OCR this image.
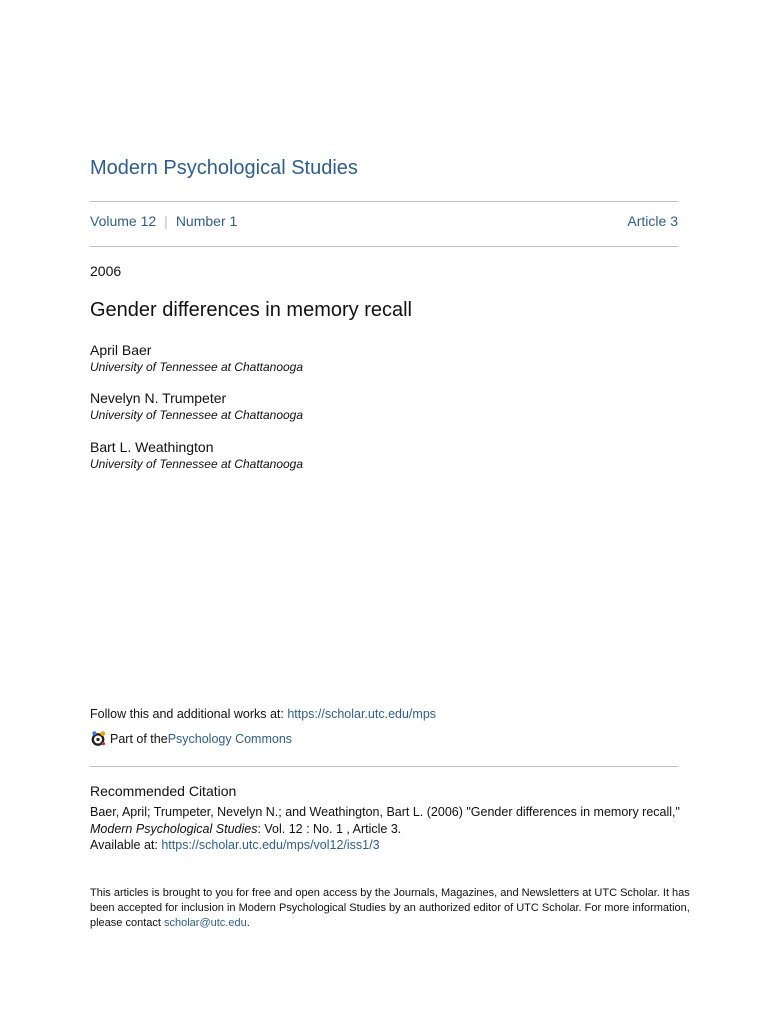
Modern Psychological Studies
Volume 12 | Number 1	Article 3
2006
Gender differences in memory recall
April Baer
University of Tennessee at Chattanooga
Nevelyn N. Trumpeter
University of Tennessee at Chattanooga
Bart L. Weathington
University of Tennessee at Chattanooga
Follow this and additional works at: https://scholar.utc.edu/mps
Part of the Psychology Commons
Recommended Citation
Baer, April; Trumpeter, Nevelyn N.; and Weathington, Bart L. (2006) "Gender differences in memory recall,"
Modern Psychological Studies: Vol. 12 : No. 1 , Article 3.
Available at: https://scholar.utc.edu/mps/vol12/iss1/3
This articles is brought to you for free and open access by the Journals, Magazines, and Newsletters at UTC Scholar. It has been accepted for inclusion in Modern Psychological Studies by an authorized editor of UTC Scholar. For more information, please contact scholar@utc.edu.
